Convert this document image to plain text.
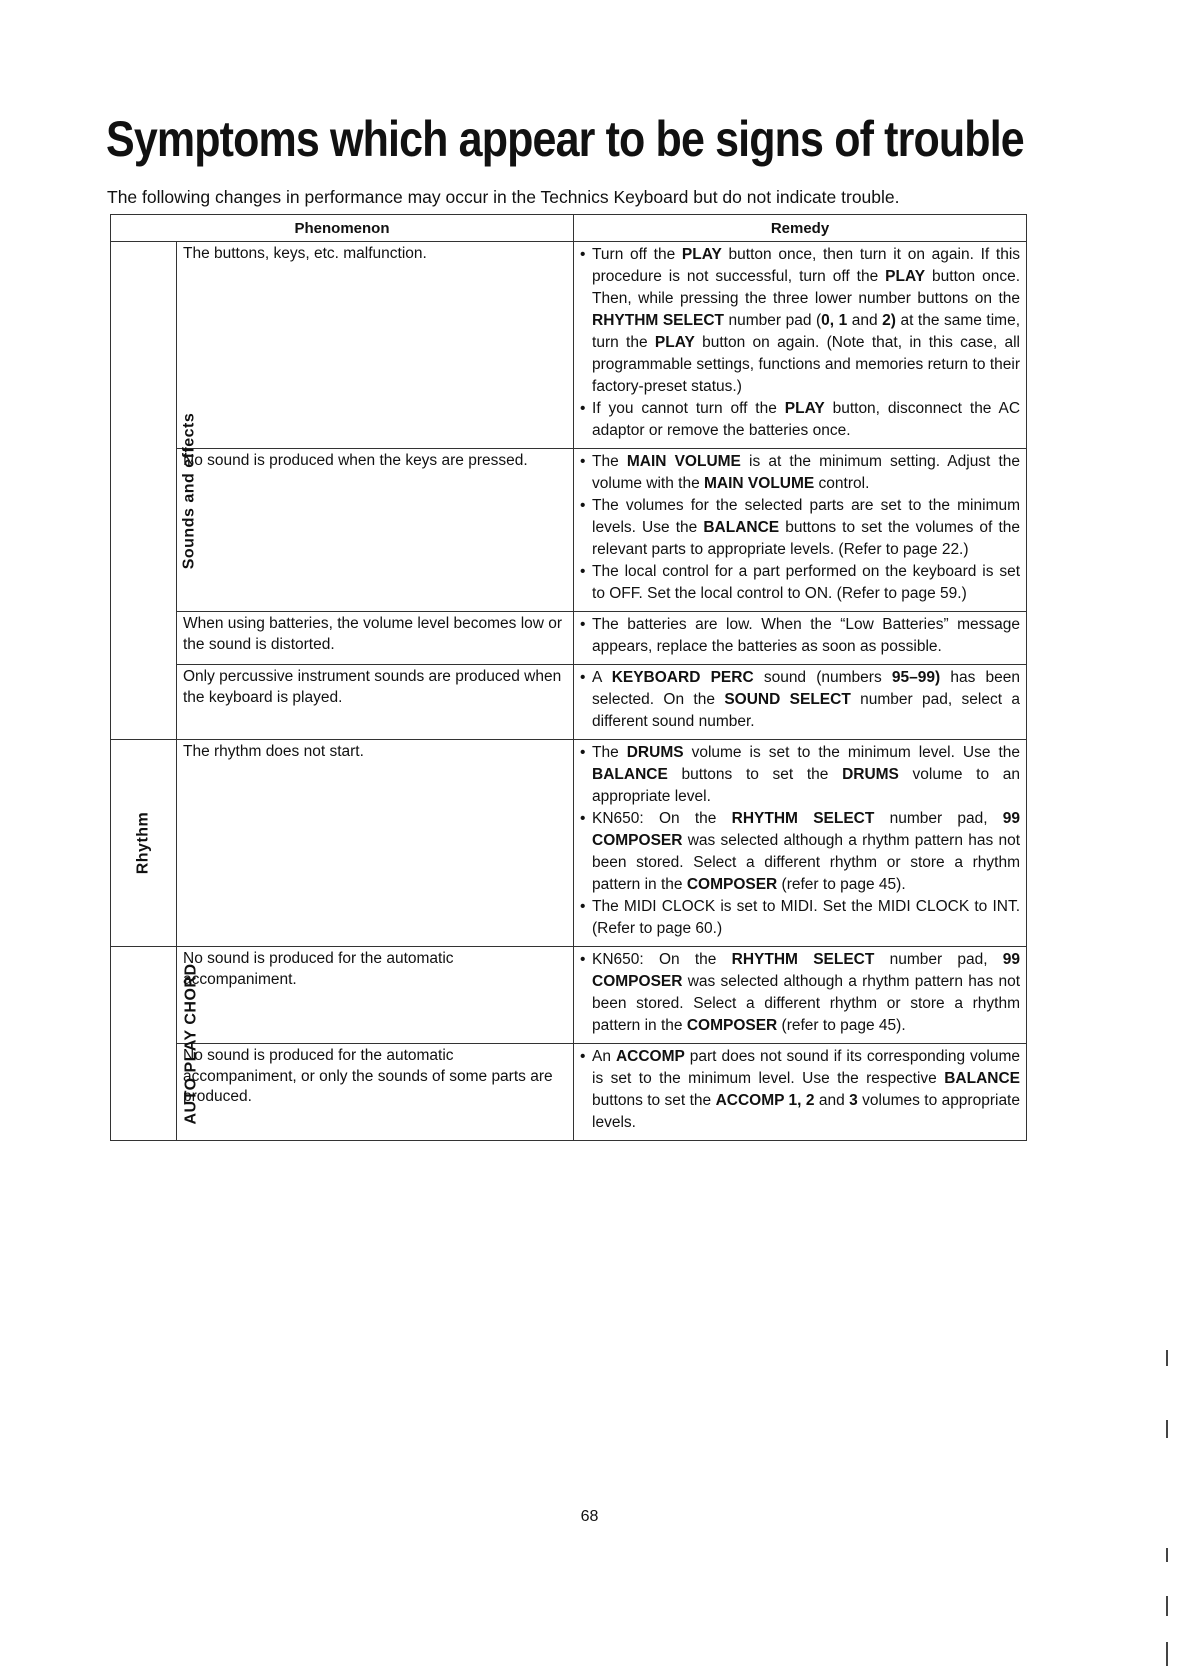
Symptoms which appear to be signs of trouble
The following changes in performance may occur in the Technics Keyboard but do not indicate trouble.
Phenomenon		Remedy
Sounds and effects	The buttons, keys, etc. malfunction.	• Turn off the PLAY button once, then turn it on again. If this procedure is not successful, turn off the PLAY button once. Then, while pressing the three lower number buttons on the RHYTHM SELECT number pad (0, 1 and 2) at the same time, turn the PLAY button on again. (Note that, in this case, all programmable settings, functions and memories return to their factory-preset status.)
• If you cannot turn off the PLAY button, disconnect the AC adaptor or remove the batteries once.

	No sound is produced when the keys are pressed.	• The MAIN VOLUME is at the minimum setting. Adjust the volume with the MAIN VOLUME control.
• The volumes for the selected parts are set to the minimum levels. Use the BALANCE buttons to set the volumes of the relevant parts to appropriate levels. (Refer to page 22.)
• The local control for a part performed on the keyboard is set to OFF. Set the local control to ON. (Refer to page 59.)

	When using batteries, the volume level becomes low or the sound is distorted.	• The batteries are low. When the “Low Batteries” message appears, replace the batteries as soon as possible.

	Only percussive instrument sounds are produced when the keyboard is played.	• A KEYBOARD PERC sound (numbers 95–99) has been selected. On the SOUND SELECT number pad, select a different sound number.

Rhythm	The rhythm does not start.	• The DRUMS volume is set to the minimum level. Use the BALANCE buttons to set the DRUMS volume to an appropriate level.
• KN650: On the RHYTHM SELECT number pad, 99 COMPOSER was selected although a rhythm pattern has not been stored. Select a different rhythm or store a rhythm pattern in the COMPOSER (refer to page 45).
• The MIDI CLOCK is set to MIDI. Set the MIDI CLOCK to INT. (Refer to page 60.)

AUTO PLAY CHORD	No sound is produced for the automatic accompaniment.	• KN650: On the RHYTHM SELECT number pad, 99 COMPOSER was selected although a rhythm pattern has not been stored. Select a different rhythm or store a rhythm pattern in the COMPOSER (refer to page 45).

	No sound is produced for the automatic accompaniment, or only the sounds of some parts are produced.	• An ACCOMP part does not sound if its corresponding volume is set to the minimum level. Use the respective BALANCE buttons to set the ACCOMP 1, 2 and 3 volumes to appropriate levels.
68
